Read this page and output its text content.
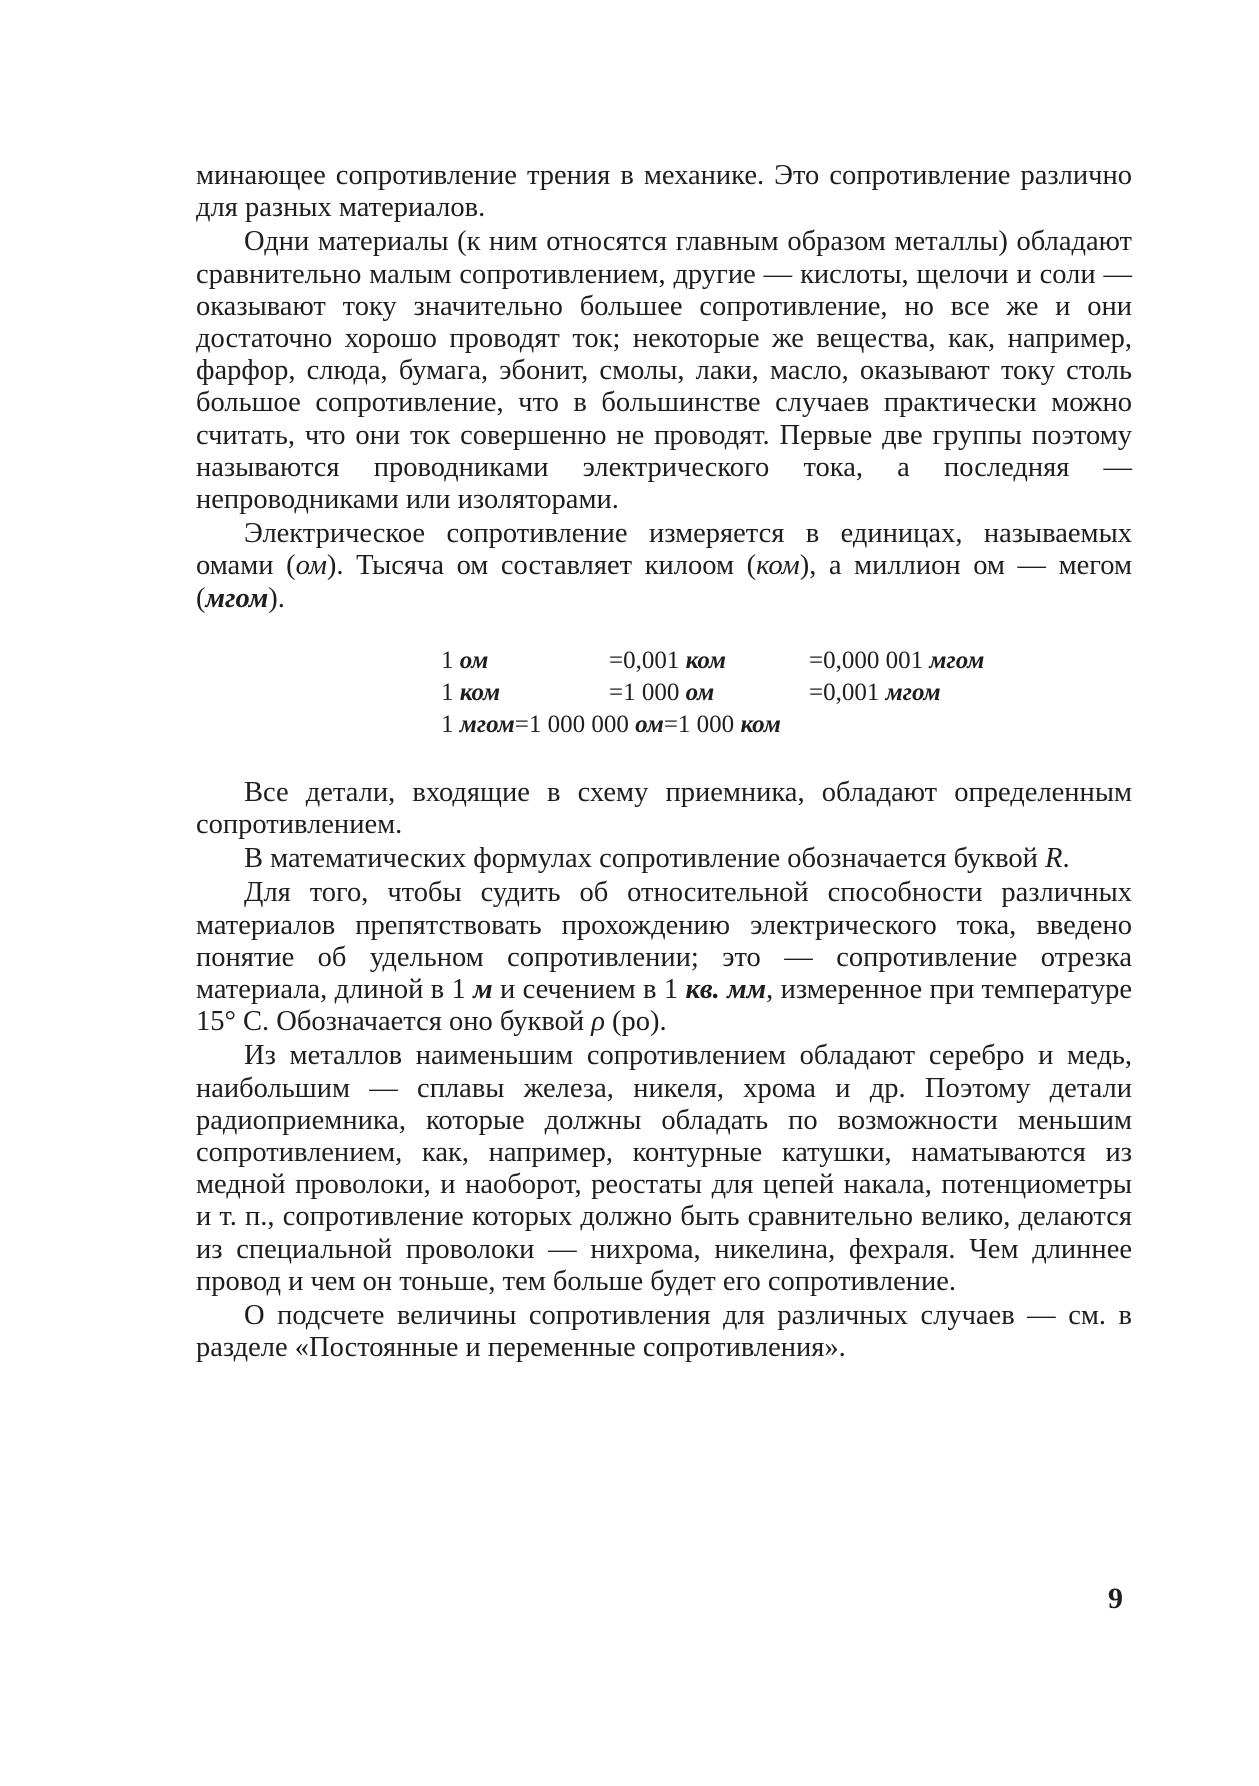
минающее сопротивление трения в механике. Это сопротивление различно для разных материалов.

Одни материалы (к ним относятся главным образом металлы) обладают сравнительно малым сопротивлением, другие — кислоты, щелочи и соли — оказывают току значительно большее сопротивление, но все же и они достаточно хорошо проводят ток; некоторые же вещества, как, например, фарфор, слюда, бумага, эбонит, смолы, лаки, масло, оказывают току столь большое сопротивление, что в большинстве случаев практически можно считать, что они ток совершенно не проводят. Первые две группы поэтому называются проводниками электрического тока, а последняя — непроводниками или изоляторами.

Электрическое сопротивление измеряется в единицах, называемых омами (ом). Тысяча ом составляет килоом (ком), а миллион ом — мегом (мгом).

1 ом	=0,001 ком	=0,000 001 мгом
1 ком	=1 000 ом	=0,001 мгом
1 мгом=1 000 000 ом=1 000 ком

Все детали, входящие в схему приемника, обладают определенным сопротивлением.

В математических формулах сопротивление обозначается буквой R.

Для того, чтобы судить об относительной способности различных материалов препятствовать прохождению электрического тока, введено понятие об удельном сопротивлении; это — сопротивление отрезка материала, длиной в 1 м и сечением в 1 кв. мм, измеренное при температуре 15° С. Обозначается оно буквой ρ (ро).

Из металлов наименьшим сопротивлением обладают серебро и медь, наибольшим — сплавы железа, никеля, хрома и др. Поэтому детали радиоприемника, которые должны обладать по возможности меньшим сопротивлением, как, например, контурные катушки, наматываются из медной проволоки, и наоборот, реостаты для цепей накала, потенциометры и т. п., сопротивление которых должно быть сравнительно велико, делаются из специальной проволоки — нихрома, никелина, фехраля. Чем длиннее провод и чем он тоньше, тем больше будет его сопротивление.

О подсчете величины сопротивления для различных случаев — см. в разделе «Постоянные и переменные сопротивления».

9
